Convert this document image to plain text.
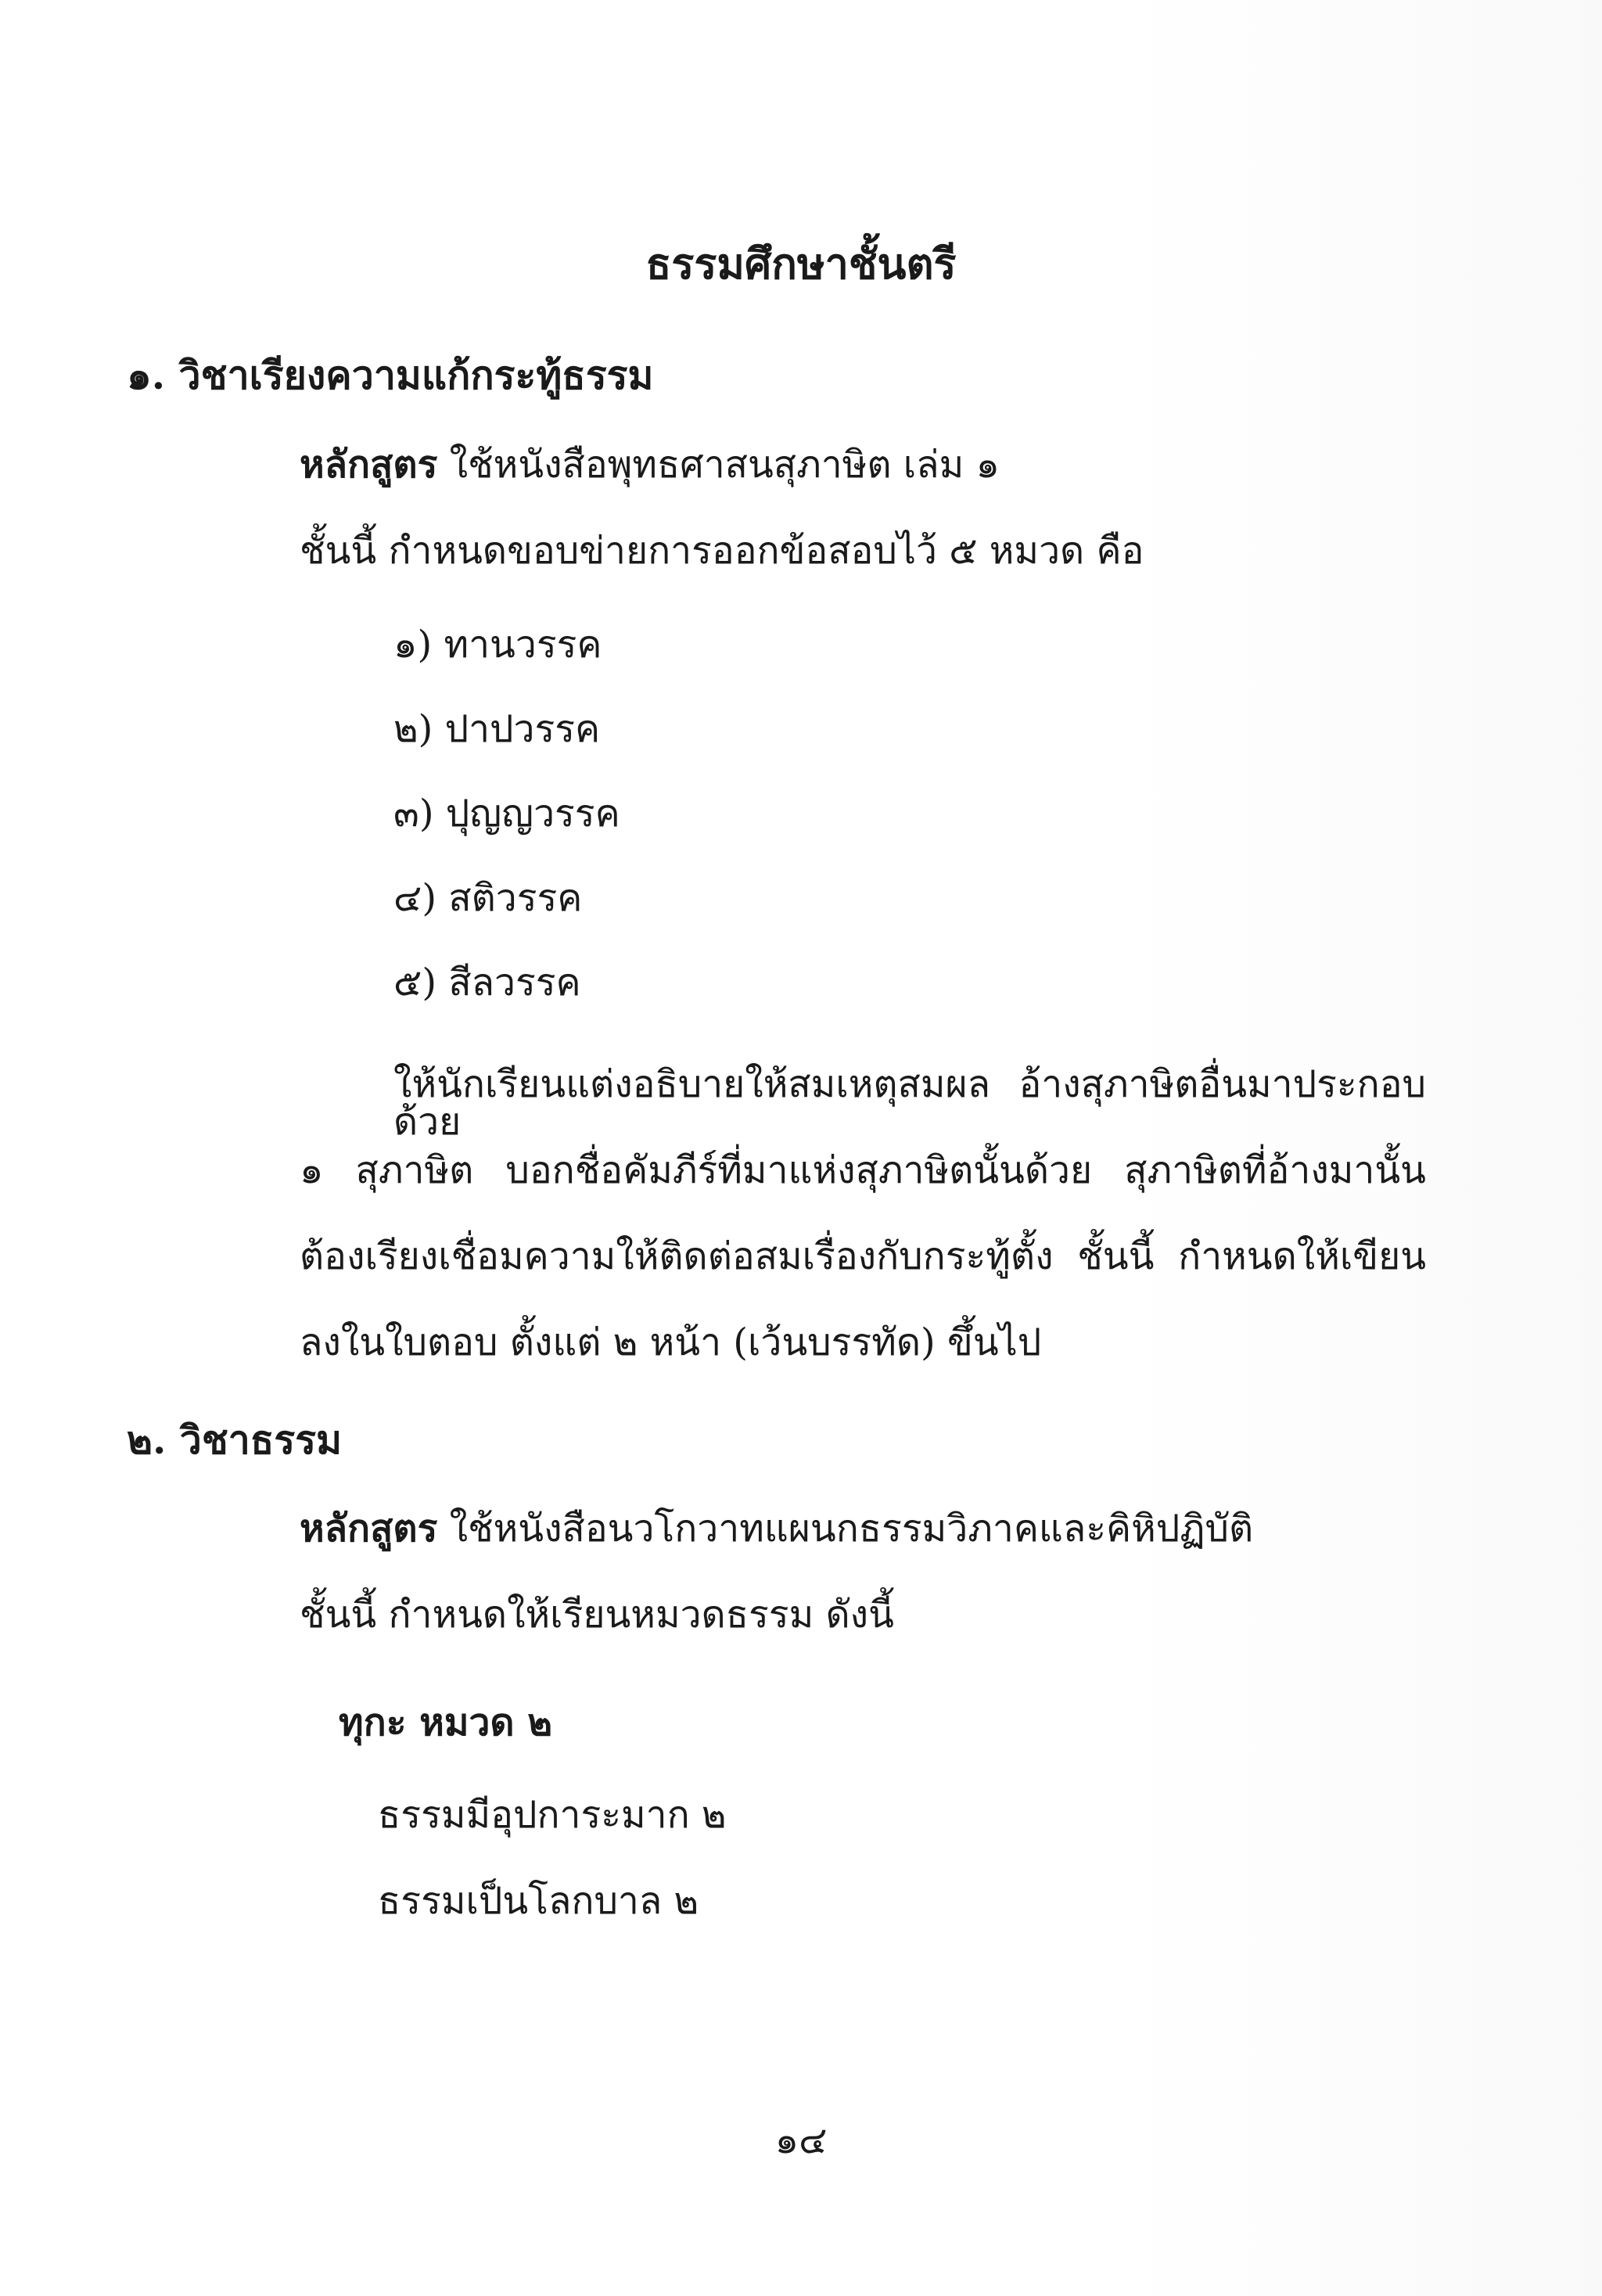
ธรรมศึกษาชั้นตรี
๑. วิชาเรียงความแก้กระทู้ธรรม
หลักสูตร ใช้หนังสือพุทธศาสนสุภาษิต เล่ม ๑
ชั้นนี้ กำหนดขอบข่ายการออกข้อสอบไว้ ๕ หมวด คือ
๑) ทานวรรค
๒) ปาปวรรค
๓) ปุญญวรรค
๔) สติวรรค
๕) สีลวรรค
ให้นักเรียนแต่งอธิบายให้สมเหตุสมผล อ้างสุภาษิตอื่นมาประกอบด้วย
๑ สุภาษิต บอกชื่อคัมภีร์ที่มาแห่งสุภาษิตนั้นด้วย สุภาษิตที่อ้างมานั้น
ต้องเรียงเชื่อมความให้ติดต่อสมเรื่องกับกระทู้ตั้ง ชั้นนี้ กำหนดให้เขียน
ลงในใบตอบ ตั้งแต่ ๒ หน้า (เว้นบรรทัด) ขึ้นไป
๒. วิชาธรรม
หลักสูตร ใช้หนังสือนวโกวาทแผนกธรรมวิภาคและคิหิปฏิบัติ
ชั้นนี้ กำหนดให้เรียนหมวดธรรม ดังนี้
ทุกะ หมวด ๒
ธรรมมีอุปการะมาก ๒
ธรรมเป็นโลกบาล ๒
๑๔
